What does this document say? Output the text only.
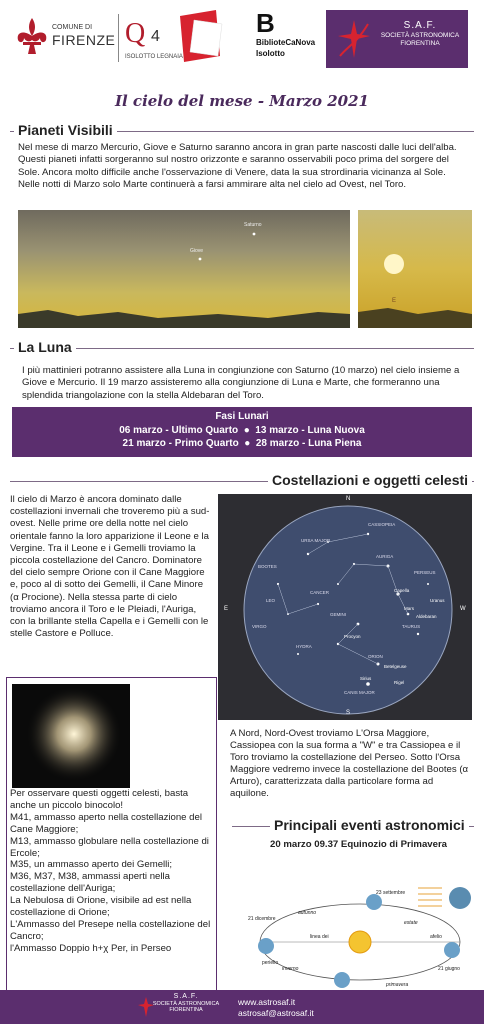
COMUNE DI
FIRENZE Q 4
ISOLOTTO LEGNAIA
B
BiblioteCaNova
Isolotto
S.A.F.
SOCIETÀ ASTRONOMICA
FIORENTINA
Il cielo del mese - Marzo 2021
Pianeti Visibili
Nel mese di marzo Mercurio, Giove e Saturno saranno ancora in gran parte nascosti dalle luci dell'alba. Questi pianeti infatti sorgeranno sul nostro orizzonte e saranno osservabili poco prima del sorgere del Sole. Ancora molto difficile anche l'osservazione di Venere, data la sua strordinaria vicinanza al Sole. Nelle notti di Marzo solo Marte continuerà a farsi ammirare alta nel cielo ad Ovest, nel Toro.
Saturno
Giove
E
La Luna
I più mattinieri potranno assistere alla Luna in congiunzione con Saturno (10 marzo) nel cielo insieme a Giove e Mercurio. Il 19 marzo assisteremo alla congiunzione di Luna e Marte, che formeranno una splendida triangolazione con la stella Aldebaran del Toro.
Fasi Lunari
06 marzo - Ultimo Quarto  ●  13 marzo - Luna Nuova
21 marzo - Primo Quarto  ●  28 marzo - Luna Piena
Costellazioni e oggetti celesti
Il cielo di Marzo è ancora dominato dalle costellazioni invernali che troveremo più a sud-ovest. Nelle prime ore della notte nel cielo orientale fanno la loro apparizione il Leone e la Vergine. Tra il Leone e i Gemelli troviamo la piccola costellazione del Cancro. Dominatore del cielo sempre Orione con il Cane Maggiore e, poco al di sotto dei Gemelli, il Cane Minore (α Procione). Nella stessa parte di cielo troviamo ancora il Toro e le Pleiadi, l'Auriga, con la brillante stella Capella e i Gemelli con le stelle Castore e Polluce.
URSA MAJOR
LEO
CANCER
GEMINI
AURIGA
PERSEUS
TAURUS
ORION
CANIS MAJOR
HYDRA
Procyon
Sirius
Betelgeuse
Rigel
Capella
Aldebaran
Mars
Uranus
CASSIOPEIA
VIRGO
BOOTES
E	W
N
S
Per osservare questi oggetti celesti, basta anche un piccolo binocolo!
M41, ammasso aperto nella costellazione del Cane Maggiore;
M13, ammasso globulare nella costellazione di Ercole;
M35, un ammasso aperto dei Gemelli;
M36, M37, M38, ammassi aperti nella costellazione dell'Auriga;
La Nebulosa di Orione, visibile ad est nella costellazione di Orione;
L'Ammasso del Presepe nella costellazione del Cancro;
l'Ammasso Doppio h+χ Per, in Perseo
A Nord, Nord-Ovest troviamo L'Orsa Maggiore, Cassiopea con la sua forma a "W" e tra Cassiopea e il Toro troviamo la costellazione del Perseo. Sotto l'Orsa Maggiore vedremo invece la costellazione del Bootes (α Arturo), caratterizzata dalla particolare forma ad aquilone.
Principali eventi astronomici
20 marzo 09.37 Equinozio di Primavera
23 settembre
21 dicembre
21 giugno
autunno
estate
inverno
primavera
perielio
afelio
linea dei
S.A.F.
SOCIETÀ ASTRONOMICA
FIORENTINA
www.astrosaf.it
astrosaf@astrosaf.it
